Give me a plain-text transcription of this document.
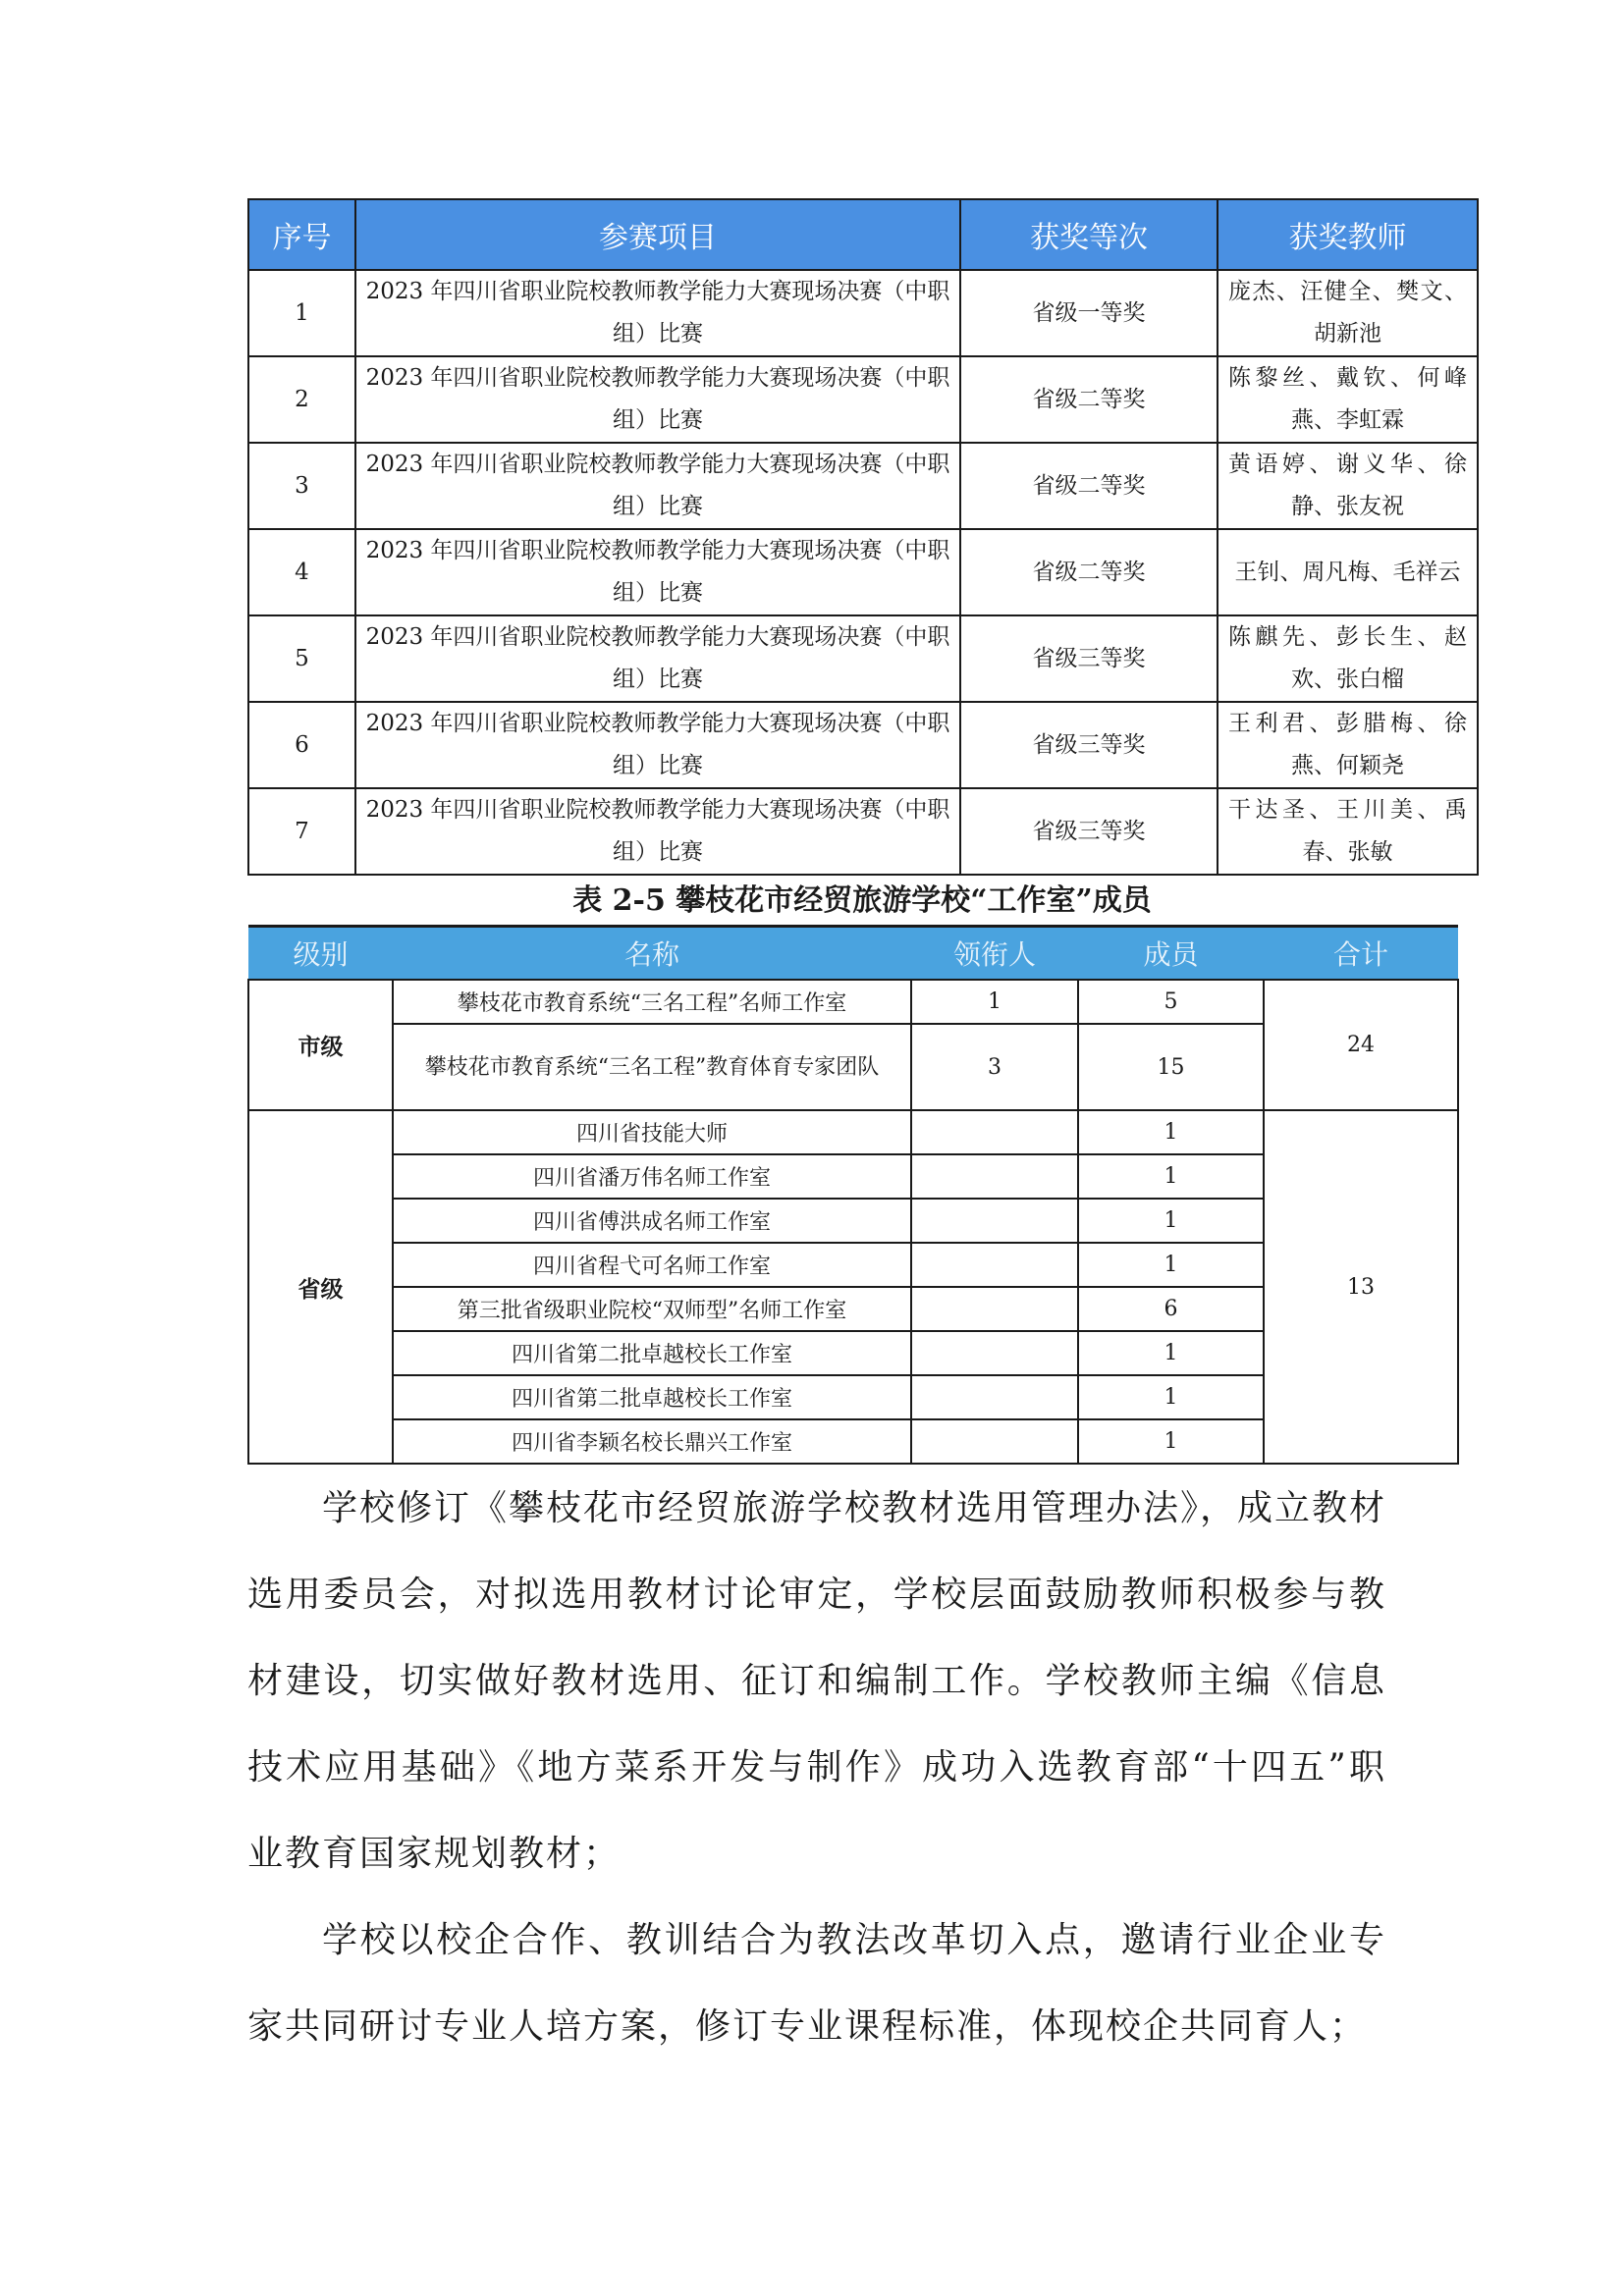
序号	参赛项目	获奖等次	获奖教师
1	2023 年四川省职业院校教师教学能力大赛现场决赛（中职组）比赛	省级一等奖	庞杰、汪健全、樊文、胡新池
2	2023 年四川省职业院校教师教学能力大赛现场决赛（中职组）比赛	省级二等奖	陈黎丝、戴钦、何峰燕、李虹霖
3	2023 年四川省职业院校教师教学能力大赛现场决赛（中职组）比赛	省级二等奖	黄语婷、谢义华、徐静、张友祝
4	2023 年四川省职业院校教师教学能力大赛现场决赛（中职组）比赛	省级二等奖	王钊、周凡梅、毛祥云
5	2023 年四川省职业院校教师教学能力大赛现场决赛（中职组）比赛	省级三等奖	陈麒先、彭长生、赵欢、张白榴
6	2023 年四川省职业院校教师教学能力大赛现场决赛（中职组）比赛	省级三等奖	王利君、彭腊梅、徐燕、何颖尧
7	2023 年四川省职业院校教师教学能力大赛现场决赛（中职组）比赛	省级三等奖	干达圣、王川美、禹春、张敏
表 2-5 攀枝花市经贸旅游学校“工作室”成员
级别	名称	领衔人	成员	合计
市级	攀枝花市教育系统“三名工程”名师工作室	1	5	24
	攀枝花市教育系统“三名工程”教育体育专家团队	3	15	
省级	四川省技能大师		1	13
	四川省潘万伟名师工作室		1	
	四川省傅洪成名师工作室		1	
	四川省程弋可名师工作室		1	
	第三批省级职业院校“双师型”名师工作室		6	
	四川省第二批卓越校长工作室		1	
	四川省第二批卓越校长工作室		1	
	四川省李颖名校长鼎兴工作室		1	

学校修订《攀枝花市经贸旅游学校教材选用管理办法》，成立教材选用委员会，对拟选用教材讨论审定，学校层面鼓励教师积极参与教材建设，切实做好教材选用、征订和编制工作。学校教师主编《信息技术应用基础》《地方菜系开发与制作》成功入选教育部“十四五”职业教育国家规划教材；

学校以校企合作、教训结合为教法改革切入点，邀请行业企业专家共同研讨专业人培方案，修订专业课程标准，体现校企共同育人；
